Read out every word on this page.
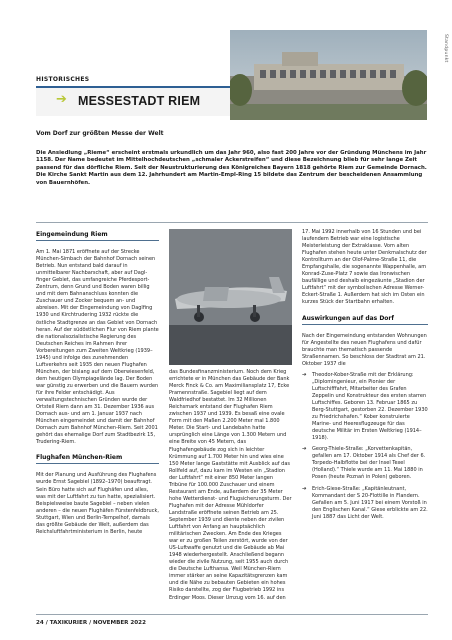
Standpunkt
HISTORISCHES
➔ MESSESTADT RIEM
Vom Dorf zur größten Messe der Welt

Die Ansiedlung „Rieme“ erscheint erstmals urkundlich um das Jahr 960, also fast 200 Jahre vor der Gründung Münchens im Jahr 1158. Der Name bedeutet im Mittelhochdeutschen „schmaler Ackerstreifen“ und diese Bezeichnung blieb für sehr lange Zeit passend für das dörfliche Riem. Seit der Neustrukturierung des Königreiches Bayern 1818 gehörte Riem zur Gemeinde Dornach. Die Kirche Sankt Martin aus dem 12. Jahrhundert am Martin-Empl-Ring 15 bildete das Zentrum der bescheidenen Ansammlung von Bauernhöfen.

Eingemeindung Riem

Am 1. Mai 1871 eröffnete auf der Strecke München-Simbach der Bahnhof Dornach seinen Betrieb. Nun entstand bald darauf in unmittelbarer Nachbarschaft, aber auf Dagl-finger Gebiet, das umfangreiche Pferdesport-Zentrum, denn Grund und Boden waren billig und mit dem Bahnanschluss konnten die Zuschauer und Zocker bequem an- und abreisen. Mit der Eingemeindung von Daglfing 1930 und Kirchtrudering 1932 rückte die östliche Stadtgrenze an das Gebiet von Dornach heran. Auf der südöstlichen Flur von Riem plante die nationalsozialistische Regierung des Deutschen Reiches im Rahmen ihrer Vorbereitungen zum Zweiten Weltkrieg (1939–1945) und infolge des zunehmenden Luftverkehrs seit 1935 den neuen Flughafen München, der bislang auf dem Oberwiesenfeld, dem heutigen Olympiagelände lag. Der Boden war günstig zu erwerben und die Bauern wurden für ihre Felder entschädigt. Aus verwaltungstechnischen Gründen wurde der Ortsteil Riem dann am 31. Dezember 1936 aus Dornach aus- und am 1. Januar 1937 nach München eingemeindet und damit der Bahnhof Dornach zum Bahnhof München-Riem. Seit 2001 gehört das ehemalige Dorf zum Stadtbezirk 15, Trudering-Riem.

Flughafen München-Riem

Mit der Planung und Ausführung des Flughafens wurde Ernst Sagebiel (1892–1970) beauftragt. Sein Büro hatte sich auf Flughäfen und alles, was mit der Luftfahrt zu tun hatte, spezialisiert. Beispielsweise baute Sagebiel – neben vielen anderen – die neuen Flughäfen Fürstenfeldbruck, Stuttgart, Wien und Berlin-Tempelhof, damals das größte Gebäude der Welt, außerdem das Reichsluftfahrtministerium in Berlin, heute

das Bundesfinanzministerium. Noch dem Krieg errichtete er in München das Gebäude der Bank Merck Finck & Co. am Maximiliansplatz 17, Ecke Pramennstraße. Sagebiel liegt auf dem Waldfriedhof bestattet. Im 32 Millionen Reichsmark entstand der Flughafen Riem zwischen 1937 und 1939. Es besaß eine ovale Form mit den Maßen 2.200 Meter mal 1.800 Meter. Die Start- und Landebahn hatte ursprünglich eine Länge von 1.300 Metern und eine Breite von 45 Metern, das Flughafengebäude zog sich in leichter Krümmung auf 1.700 Meter hin und wies eine 150 Meter lange Gaststätte mit Ausblick auf das Rollfeld auf, dazu kam im Westen ein „Stadion der Luftfahrt“ mit einer 850 Meter langen Tribüne für 100.000 Zuschauer und einem Restaurant am Ende, außerdem der 35 Meter hohe Wetterdienst- und Flugsicherungsturm. Der Flughafen mit der Adresse Mühldorfer Landstraße eröffnete seinen Betrieb am 25. September 1939 und diente neben der zivilen Luftfahrt von Anfang an hauptsächlich militärischen Zwecken. Am Ende des Krieges war er zu großen Teilen zerstört, wurde von der US-Luftwaffe genutzt und die Gebäude ab Mai 1948 wiederhergestellt. Anschließend begann wieder die zivile Nutzung, seit 1955 auch durch die Deutsche Lufthansa. Weil München-Riem immer stärker an seine Kapazitätsgrenzen kam und die Nähe zu bebauten Gebieten ein hohes Risiko darstellte, zog der Flugbetrieb 1992 ins Erdinger Moos. Dieser Umzug vom 16. auf den

17. Mai 1992 innerhalb von 16 Stunden und bei laufendem Betrieb war eine logistische Meisterleistung der Extraklasse. Vom alten Flughafen stehen heute unter Denkmalschutz der Kontrollturm an der Olof-Palme-Straße 11, die Empfangshalle, die sogenannte Wappenhalle, am Konrad-Zuse-Platz 7 sowie das Ironwischen baufällige und deshalb eingezäunte „Stadion der Luftfahrt“ mit der symbolischen Adresse Werner-Eckert-Straße 1. Außerdem hat sich im Osten ein kurzes Stück der Startbahn erhalten.

Auswirkungen auf das Dorf

Nach der Eingemeindung entstanden Wohnungen für Angestellte des neuen Flughafens und dafür brauchte man thematisch passende Straßennamen. So beschloss der Stadtrat am 21. Oktober 1937 die

➔ Theodor-Kober-Straße mit der Erklärung: „Diplomingenieur, ein Pionier der Luftschifffahrt, Mitarbeiter des Grafen Zeppelin und Konstrukteur des ersten starren Luftschiffes. Geboren 13. Februar 1865 zu Berg-Stuttgart, gestorben 22. Dezember 1930 zu Friedrichshafen.“ Kober konstruierte Marine- und Heeresflugzeuge für das deutsche Militär im Ersten Weltkrieg (1914–1918).
➔ Georg-Thiele-Straße: „Korvettenkapitän, gefallen am 17. Oktober 1914 als Chef der 6. Torpedo-Halbflotte bei der Insel Texel (Holland).“ Thiele wurde am 11. Mai 1880 in Posen (heute Poznań in Polen) geboren.
➔ Erich-Giese-Straße: „Kapitänleutnant, Kommandant der S 20-Flottille in Flandern. Gefallen am 5. Juni 1917 bei einem Vorstoß in den Englischen Kanal.“ Giese erblickte am 22. Juni 1887 das Licht der Welt.
24 / TAXIKURIER / NOVEMBER 2022
